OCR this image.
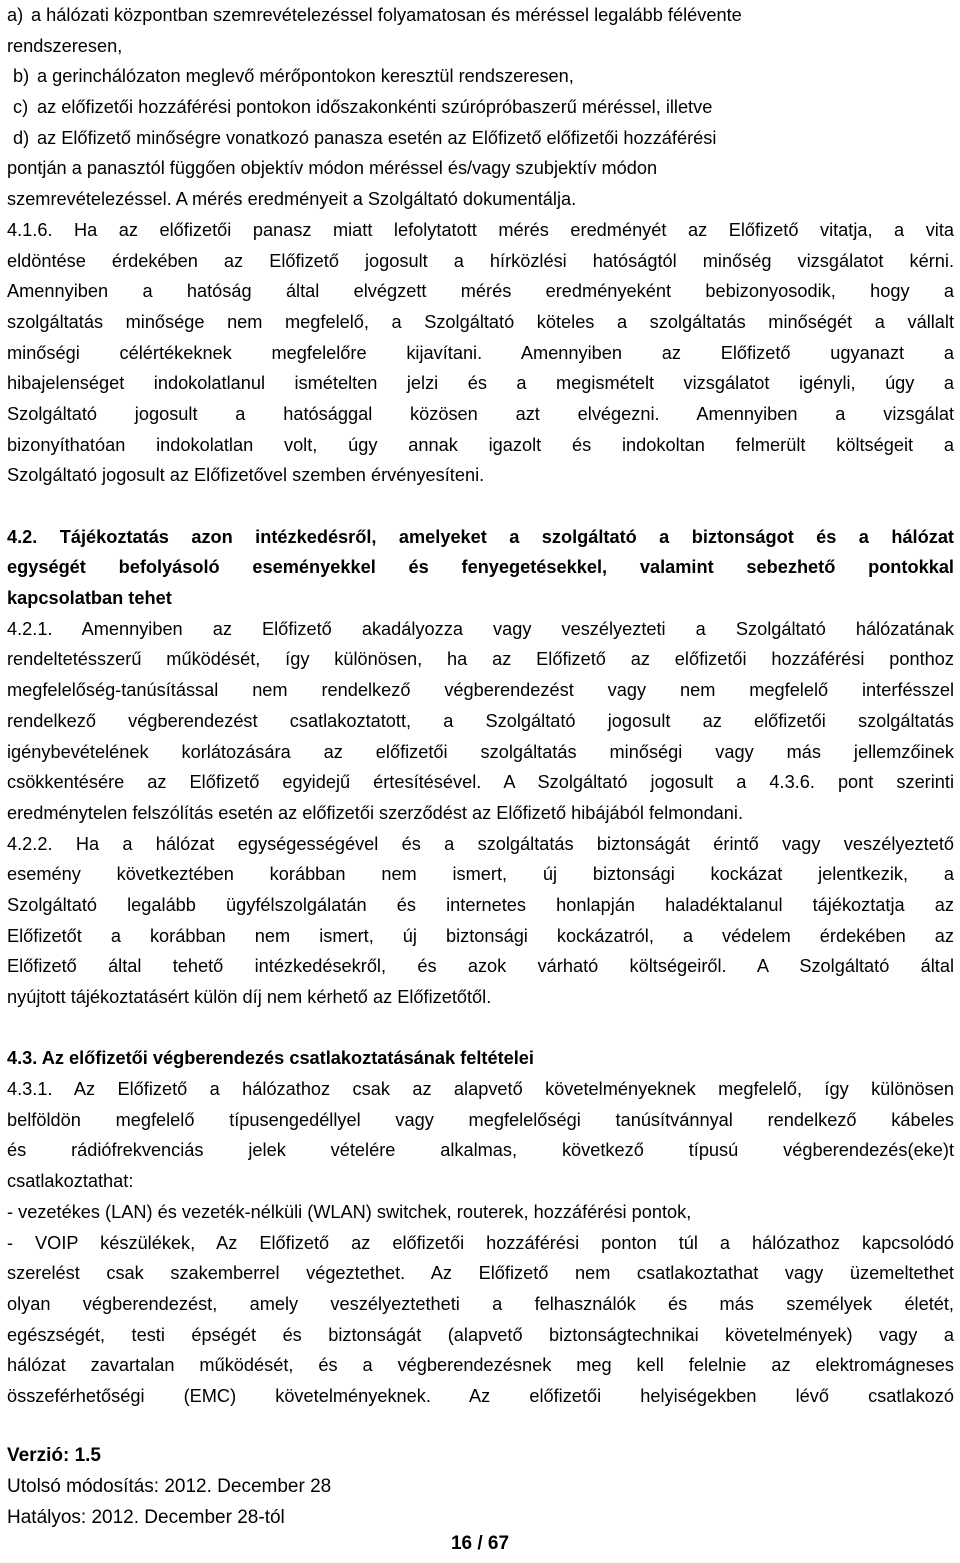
a) a hálózati központban szemrevételezéssel folyamatosan és méréssel legalább félévente
rendszeresen,
b) a gerinchálózaton meglevő mérőpontokon keresztül rendszeresen,
c) az előfizetői hozzáférési pontokon időszakonkénti szúrópróbaszerű méréssel, illetve
d) az Előfizető minőségre vonatkozó panasza esetén az Előfizető előfizetői hozzáférési
pontján a panasztól függően objektív módon méréssel és/vagy szubjektív módon
szemrevételezéssel. A mérés eredményeit a Szolgáltató dokumentálja.
4.1.6. Ha az előfizetői panasz miatt lefolytatott mérés eredményét az Előfizető vitatja, a vita
eldöntése érdekében az Előfizető jogosult a hírközlési hatóságtól minőség vizsgálatot kérni.
Amennyiben a hatóság által elvégzett mérés eredményeként bebizonyosodik, hogy a
szolgáltatás minősége nem megfelelő, a Szolgáltató köteles a szolgáltatás minőségét a vállalt
minőségi célértékeknek megfelelőre kijavítani. Amennyiben az Előfizető ugyanazt a
hibajelenséget indokolatlanul ismételten jelzi és a megismételt vizsgálatot igényli, úgy a
Szolgáltató jogosult a hatósággal közösen azt elvégezni. Amennyiben a vizsgálat
bizonyíthatóan indokolatlan volt, úgy annak igazolt és indokoltan felmerült költségeit a
Szolgáltató jogosult az Előfizetővel szemben érvényesíteni.
4.2. Tájékoztatás azon intézkedésről, amelyeket a szolgáltató a biztonságot és a hálózat
egységét befolyásoló eseményekkel és fenyegetésekkel, valamint sebezhető pontokkal
kapcsolatban tehet
4.2.1. Amennyiben az Előfizető akadályozza vagy veszélyezteti a Szolgáltató hálózatának
rendeltetésszerű működését, így különösen, ha az Előfizető az előfizetői hozzáférési ponthoz
megfelelőség-tanúsítással nem rendelkező végberendezést vagy nem megfelelő interfésszel
rendelkező végberendezést csatlakoztatott, a Szolgáltató jogosult az előfizetői szolgáltatás
igénybevételének korlátozására az előfizetői szolgáltatás minőségi vagy más jellemzőinek
csökkentésére az Előfizető egyidejű értesítésével. A Szolgáltató jogosult a 4.3.6. pont szerinti
eredménytelen felszólítás esetén az előfizetői szerződést az Előfizető hibájából felmondani.
4.2.2. Ha a hálózat egységességével és a szolgáltatás biztonságát érintő vagy veszélyeztető
esemény következtében korábban nem ismert, új biztonsági kockázat jelentkezik, a
Szolgáltató legalább ügyfélszolgálatán és internetes honlapján haladéktalanul tájékoztatja az
Előfizetőt a korábban nem ismert, új biztonsági kockázatról, a védelem érdekében az
Előfizető által tehető intézkedésekről, és azok várható költségeiről. A Szolgáltató által
nyújtott tájékoztatásért külön díj nem kérhető az Előfizetőtől.
4.3. Az előfizetői végberendezés csatlakoztatásának feltételei
4.3.1. Az Előfizető a hálózathoz csak az alapvető követelményeknek megfelelő, így különösen
belföldön megfelelő típusengedéllyel vagy megfelelőségi tanúsítvánnyal rendelkező kábeles
és rádiófrekvenciás jelek vételére alkalmas, következő típusú végberendezés(eke)t
csatlakoztathat:
- vezetékes (LAN) és vezeték-nélküli (WLAN) switchek, routerek, hozzáférési pontok,
- VOIP készülékek, Az Előfizető az előfizetői hozzáférési ponton túl a hálózathoz kapcsolódó
szerelést csak szakemberrel végeztethet. Az Előfizető nem csatlakoztathat vagy üzemeltethet
olyan végberendezést, amely veszélyeztetheti a felhasználók és más személyek életét,
egészségét, testi épségét és biztonságát (alapvető biztonságtechnikai követelmények) vagy a
hálózat zavartalan működését, és a végberendezésnek meg kell felelnie az elektromágneses
összeférhetőségi (EMC) követelményeknek. Az előfizetői helyiségekben lévő csatlakozó
Verzió: 1.5
Utolsó módosítás: 2012. December 28
Hatályos: 2012. December 28-tól
16 / 67
